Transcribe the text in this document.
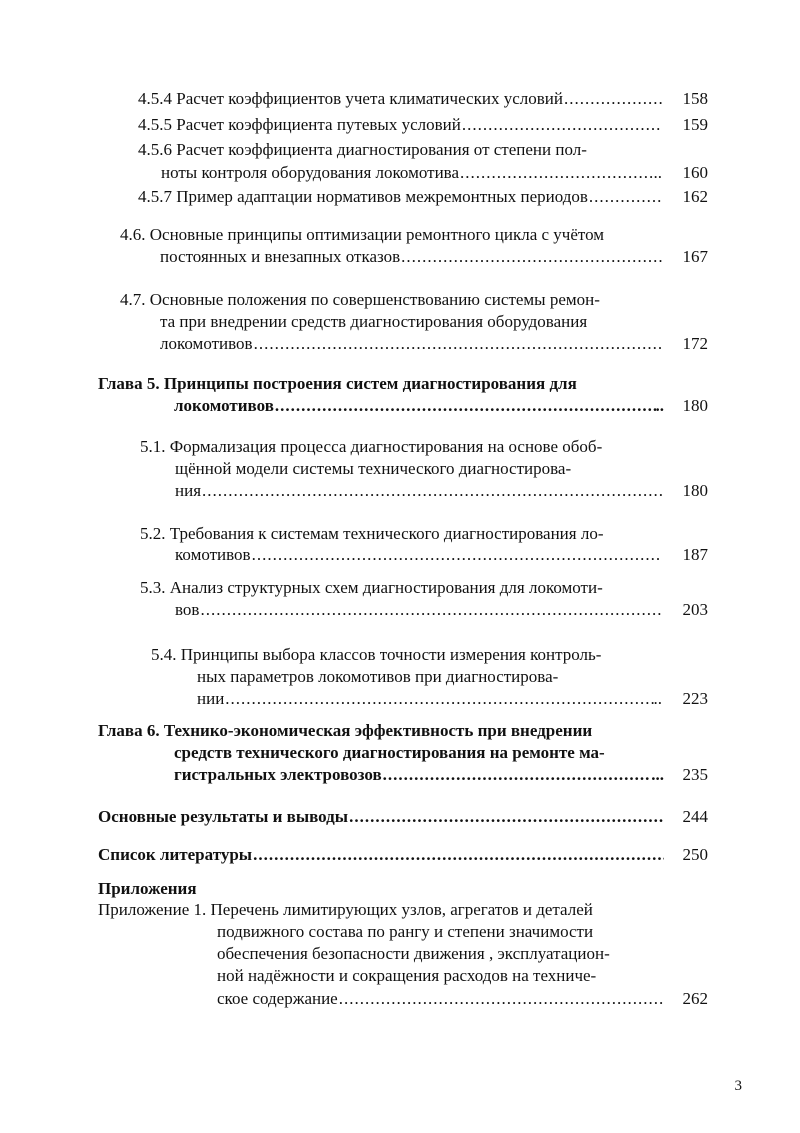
4.5.4 Расчет коэффициентов учета климатических условий .....	158
4.5.5 Расчет коэффициента путевых условий .....	159
4.5.6 Расчет коэффициента диагностирования от степени пол-
ноты контроля оборудования локомотива .....	..	160
4.5.7 Пример адаптации нормативов межремонтных периодов .....	162
4.6. Основные принципы оптимизации ремонтного цикла с учётом
постоянных и внезапных отказов .....	167
4.7. Основные положения по совершенствованию системы ремон-
та при внедрении средств диагностирования оборудования
локомотивов .....	172
Глава 5. Принципы построения систем диагностирования для
локомотивов .....	..	180
5.1. Формализация процесса диагностирования на основе обоб-
щённой модели системы технического диагностирова-
ния .....	180
5.2. Требования к системам технического диагностирования ло-
комотивов .....	187
5.3. Анализ структурных схем диагностирования для локомоти-
вов .....	203
5.4. Принципы выбора классов точности измерения контроль-
ных параметров локомотивов при диагностирова-
нии .....	..	223
Глава 6. Технико-экономическая эффективность при внедрении
средств технического диагностирования на ремонте ма-
гистральных электровозов .....	...	235
Основные результаты и выводы .....	244
Список литературы .....	250
Приложения
Приложение 1. Перечень лимитирующих узлов, агрегатов и деталей
подвижного состава по рангу и степени значимости
обеспечения безопасности движения , эксплуатацион-
ной надёжности и сокращения расходов на техниче-
ское содержание .....	262
3
